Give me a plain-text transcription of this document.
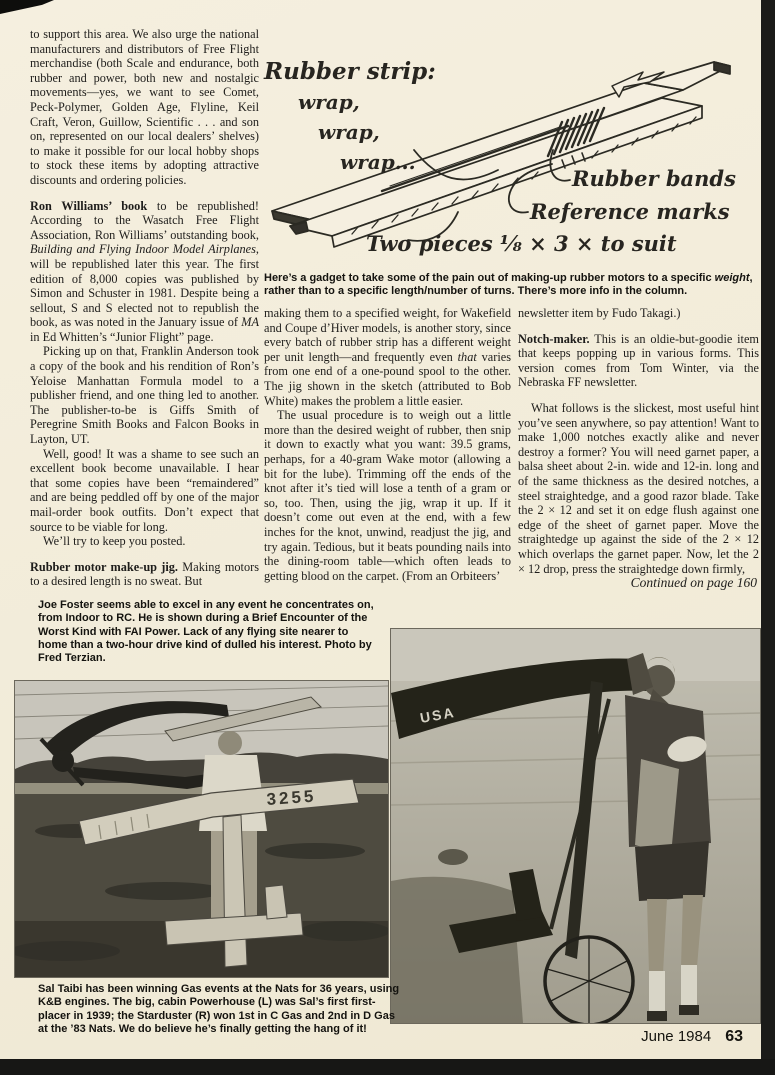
to support this area. We also urge the national manufacturers and distributors of Free Flight merchandise (both Scale and endurance, both rubber and power, both new and nostalgic movements—yes, we want to see Comet, Peck-Polymer, Golden Age, Flyline, Keil Craft, Veron, Guillow, Scientific . . . and son on, represented on our local dealers’ shelves) to make it possible for our local hobby shops to stock these items by adopting attractive discounts and ordering policies.

Ron Williams’ book to be republished! According to the Wasatch Free Flight Association, Ron Williams’ outstanding book, Building and Flying Indoor Model Airplanes, will be republished later this year. The first edition of 8,000 copies was published by Simon and Schuster in 1981. Despite being a sellout, S and S elected not to republish the book, as was noted in the January issue of MA in Ed Whitten’s “Junior Flight” page.

Picking up on that, Franklin Anderson took a copy of the book and his rendition of Ron’s Yeloise Manhattan Formula model to a publisher friend, and one thing led to another. The publisher-to-be is Giffs Smith of Peregrine Smith Books and Falcon Books in Layton, UT.

Well, good! It was a shame to see such an excellent book become unavailable. I hear that some copies have been “remaindered” and are being peddled off by one of the major mail-order book outfits. Don’t expect that source to be viable for long.

We’ll try to keep you posted.

Rubber motor make-up jig. Making motors to a desired length is no sweat. But

Rubber strip:
wrap,
wrap,
wrap...
Rubber bands
Reference marks
Two pieces ⅛ × 3 × to suit
Here’s a gadget to take some of the pain out of making-up rubber motors to a specific weight, rather than to a specific length/number of turns. There’s more info in the column.

making them to a specified weight, for Wakefield and Coupe d’Hiver models, is another story, since every batch of rubber strip has a different weight per unit length—and frequently even that varies from one end of a one-pound spool to the other. The jig shown in the sketch (attributed to Bob White) makes the problem a little easier.

The usual procedure is to weigh out a little more than the desired weight of rubber, then snip it down to exactly what you want: 39.5 grams, perhaps, for a 40-gram Wake motor (allowing a bit for the lube). Trimming off the ends of the knot after it’s tied will lose a tenth of a gram or so, too. Then, using the jig, wrap it up. If it doesn’t come out even at the end, with a few inches for the knot, unwind, readjust the jig, and try again. Tedious, but it beats pounding nails into the dining-room table—which often leads to getting blood on the carpet. (From an Orbiteers’

newsletter item by Fudo Takagi.)

Notch-maker. This is an oldie-but-goodie item that keeps popping up in various forms. This version comes from Tom Winter, via the Nebraska FF newsletter.

What follows is the slickest, most useful hint you’ve seen anywhere, so pay attention! Want to make 1,000 notches exactly alike and never destroy a former? You will need garnet paper, a balsa sheet about 2-in. wide and 12-in. long and of the same thickness as the desired notches, a steel straightedge, and a good razor blade. Take the 2 × 12 and set it on edge flush against one edge of the sheet of garnet paper. Move the straightedge up against the side of the 2 × 12 which overlaps the garnet paper. Now, let the 2 × 12 drop, press the straightedge down firmly,

Continued on page 160

Joe Foster seems able to excel in any event he concentrates on, from Indoor to RC. He is shown during a Brief Encounter of the Worst Kind with FAI Power. Lack of any flying site nearer to home than a two-hour drive kind of dulled his interest. Photo by Fred Terzian.
3255
USA
Sal Taibi has been winning Gas events at the Nats for 36 years, using K&B engines. The big, cabin Powerhouse (L) was Sal’s first first-placer in 1939; the Starduster (R) won 1st in C Gas and 2nd in D Gas at the ’83 Nats. We do believe he’s finally getting the hang of it!	June 1984 63
